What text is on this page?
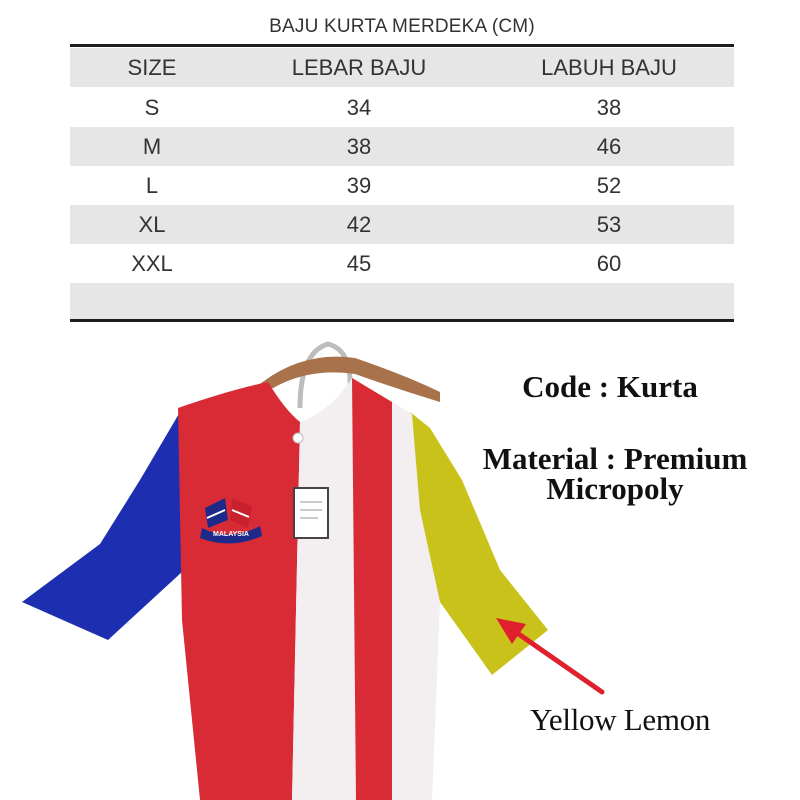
BAJU KURTA MERDEKA (CM)
SIZE	LEBAR BAJU	LABUH BAJU
S	34	38
M	38	46
L	39	52
XL	42	53
XXL	45	60
MALAYSIA
Code : Kurta
Material : Premium
Micropoly
Yellow Lemon
